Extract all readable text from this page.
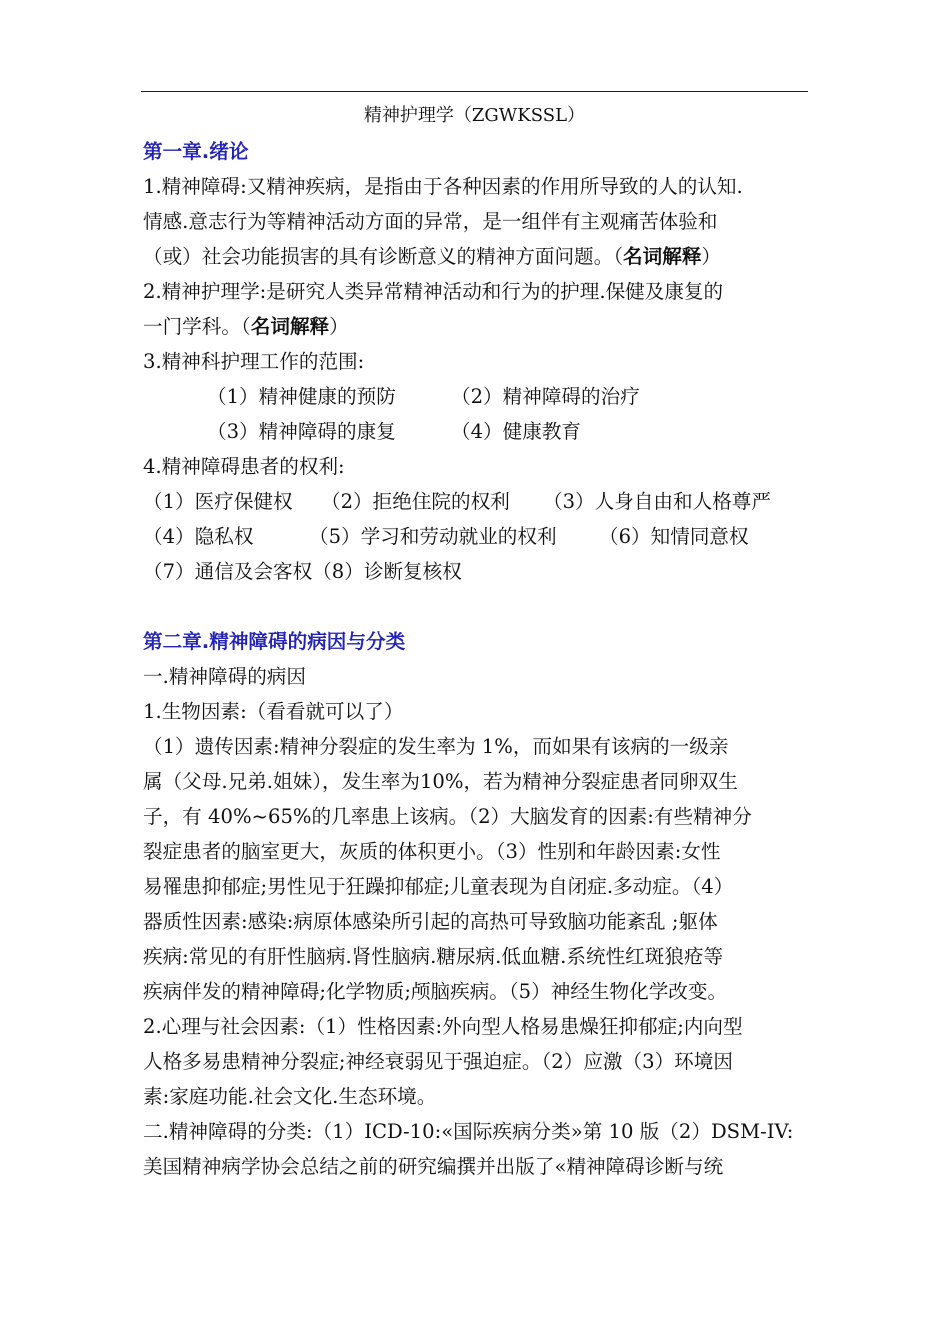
精神护理学（ZGWKSSL）
第一章.绪论
1.精神障碍:又精神疾病，是指由于各种因素的作用所导致的人的认知.
情感.意志行为等精神活动方面的异常，是一组伴有主观痛苦体验和
（或）社会功能损害的具有诊断意义的精神方面问题。（名词解释）
2.精神护理学:是研究人类异常精神活动和行为的护理.保健及康复的
一门学科。（名词解释）
3.精神科护理工作的范围:
（1）精神健康的预防	（2）精神障碍的治疗
（3）精神障碍的康复	（4）健康教育
4.精神障碍患者的权利:
（1）医疗保健权 （2）拒绝住院的权利 （3）人身自由和人格尊严
（4）隐私权	（5）学习和劳动就业的权利 （6）知情同意权
（7）通信及会客权（8）诊断复核权
第二章.精神障碍的病因与分类
一.精神障碍的病因
1.生物因素:（看看就可以了）
（1）遗传因素:精神分裂症的发生率为 1%，而如果有该病的一级亲
属（父母.兄弟.姐妹），发生率为10%，若为精神分裂症患者同卵双生
子，有 40%~65%的几率患上该病。（2）大脑发育的因素:有些精神分
裂症患者的脑室更大，灰质的体积更小。（3）性别和年龄因素:女性
易罹患抑郁症;男性见于狂躁抑郁症;儿童表现为自闭症.多动症。（4）
器质性因素:感染:病原体感染所引起的高热可导致脑功能紊乱 ;躯体
疾病:常见的有肝性脑病.肾性脑病.糖尿病.低血糖.系统性红斑狼疮等
疾病伴发的精神障碍;化学物质;颅脑疾病。（5）神经生物化学改变。
2.心理与社会因素:（1）性格因素:外向型人格易患燥狂抑郁症;内向型
人格多易患精神分裂症;神经衰弱见于强迫症。（2）应激（3）环境因
素:家庭功能.社会文化.生态环境。
二.精神障碍的分类:（1）ICD-10:«国际疾病分类»第 10 版（2）DSM-IV:
美国精神病学协会总结之前的研究编撰并出版了«精神障碍诊断与统
